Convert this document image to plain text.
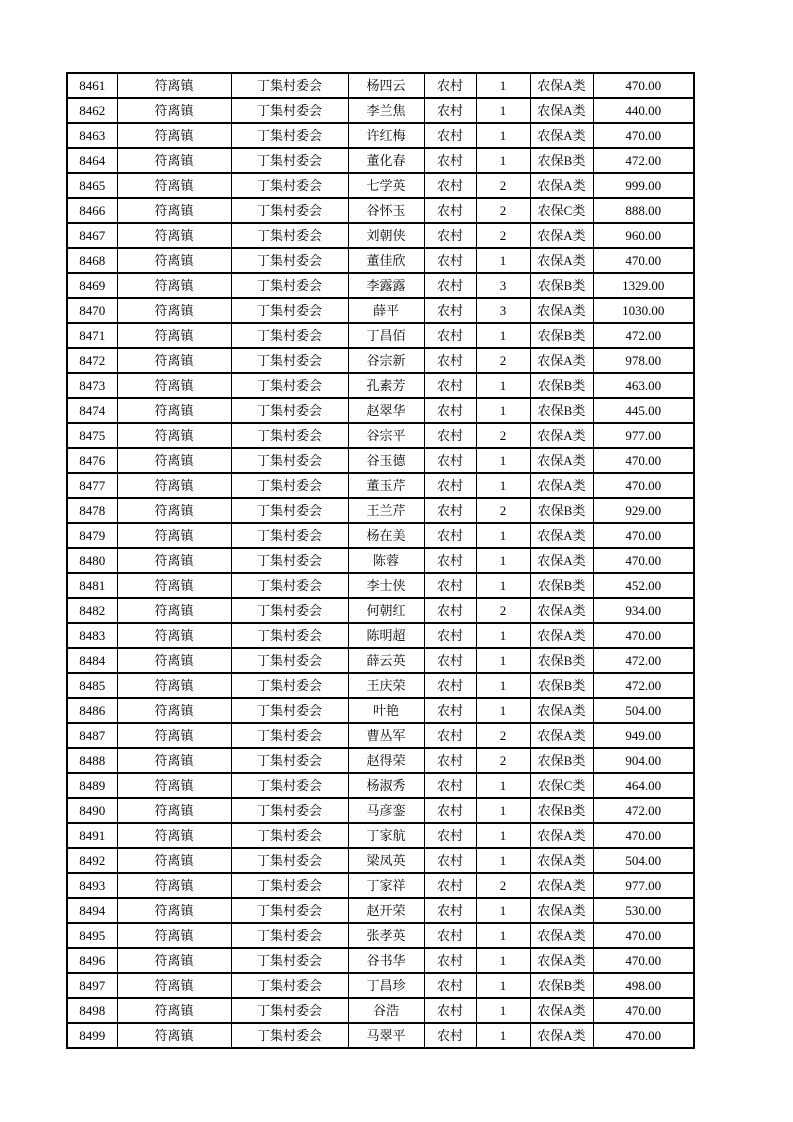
8461	符离镇	丁集村委会	杨四云	农村	1	农保A类	470.00
8462	符离镇	丁集村委会	李兰焦	农村	1	农保A类	440.00
8463	符离镇	丁集村委会	许红梅	农村	1	农保A类	470.00
8464	符离镇	丁集村委会	董化春	农村	1	农保B类	472.00
8465	符离镇	丁集村委会	七学英	农村	2	农保A类	999.00
8466	符离镇	丁集村委会	谷怀玉	农村	2	农保C类	888.00
8467	符离镇	丁集村委会	刘朝侠	农村	2	农保A类	960.00
8468	符离镇	丁集村委会	董佳欣	农村	1	农保A类	470.00
8469	符离镇	丁集村委会	李露露	农村	3	农保B类	1329.00
8470	符离镇	丁集村委会	薛平	农村	3	农保A类	1030.00
8471	符离镇	丁集村委会	丁昌佰	农村	1	农保B类	472.00
8472	符离镇	丁集村委会	谷宗新	农村	2	农保A类	978.00
8473	符离镇	丁集村委会	孔素芳	农村	1	农保B类	463.00
8474	符离镇	丁集村委会	赵翠华	农村	1	农保B类	445.00
8475	符离镇	丁集村委会	谷宗平	农村	2	农保A类	977.00
8476	符离镇	丁集村委会	谷玉德	农村	1	农保A类	470.00
8477	符离镇	丁集村委会	董玉芹	农村	1	农保A类	470.00
8478	符离镇	丁集村委会	王兰芹	农村	2	农保B类	929.00
8479	符离镇	丁集村委会	杨在美	农村	1	农保A类	470.00
8480	符离镇	丁集村委会	陈蓉	农村	1	农保A类	470.00
8481	符离镇	丁集村委会	李士侠	农村	1	农保B类	452.00
8482	符离镇	丁集村委会	何朝红	农村	2	农保A类	934.00
8483	符离镇	丁集村委会	陈明超	农村	1	农保A类	470.00
8484	符离镇	丁集村委会	薛云英	农村	1	农保B类	472.00
8485	符离镇	丁集村委会	王庆荣	农村	1	农保B类	472.00
8486	符离镇	丁集村委会	叶艳	农村	1	农保A类	504.00
8487	符离镇	丁集村委会	曹丛军	农村	2	农保A类	949.00
8488	符离镇	丁集村委会	赵得荣	农村	2	农保B类	904.00
8489	符离镇	丁集村委会	杨淑秀	农村	1	农保C类	464.00
8490	符离镇	丁集村委会	马彦銮	农村	1	农保B类	472.00
8491	符离镇	丁集村委会	丁家航	农村	1	农保A类	470.00
8492	符离镇	丁集村委会	梁凤英	农村	1	农保A类	504.00
8493	符离镇	丁集村委会	丁家祥	农村	2	农保A类	977.00
8494	符离镇	丁集村委会	赵开荣	农村	1	农保A类	530.00
8495	符离镇	丁集村委会	张孝英	农村	1	农保A类	470.00
8496	符离镇	丁集村委会	谷书华	农村	1	农保A类	470.00
8497	符离镇	丁集村委会	丁昌珍	农村	1	农保B类	498.00
8498	符离镇	丁集村委会	谷浩	农村	1	农保A类	470.00
8499	符离镇	丁集村委会	马翠平	农村	1	农保A类	470.00
